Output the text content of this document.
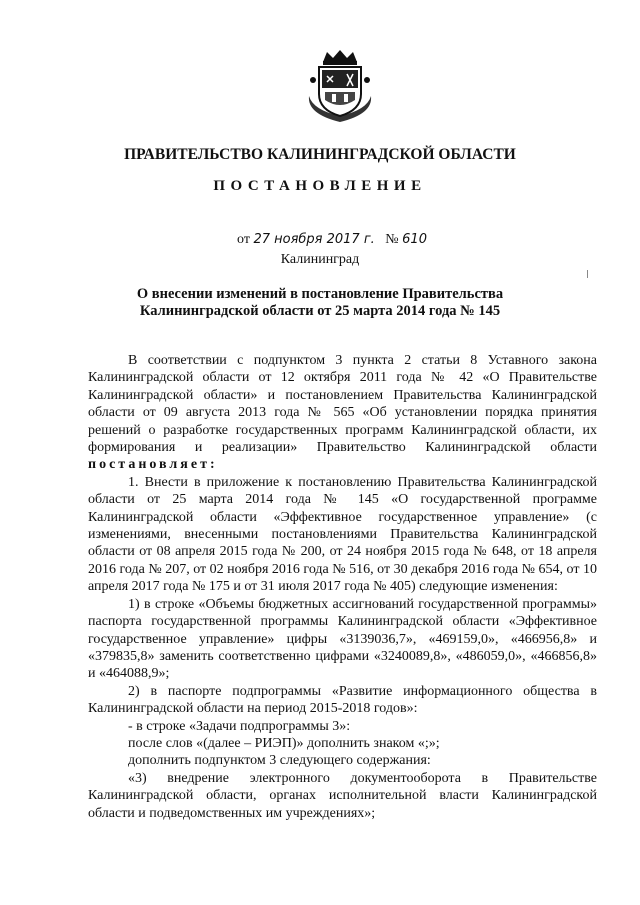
ПРАВИТЕЛЬСТВО КАЛИНИНГРАДСКОЙ ОБЛАСТИ
ПОСТАНОВЛЕНИЕ
от 27 ноября 2017 г. № 610
Калининград
О внесении изменений в постановление Правительства
Калининградской области от 25 марта 2014 года № 145

В соответствии с подпунктом 3 пункта 2 статьи 8 Уставного закона Калининградской области от 12 октября 2011 года № 42 «О Правительстве Калининградской области» и постановлением Правительства Калининградской области от 09 августа 2013 года № 565 «Об установлении порядка принятия решений о разработке государственных программ Калининградской области, их формирования и реализации» Правительство Калининградской области постановляет:

1. Внести в приложение к постановлению Правительства Калининградской области от 25 марта 2014 года № 145 «О государственной программе Калининградской области «Эффективное государственное управление» (с изменениями, внесенными постановлениями Правительства Калининградской области от 08 апреля 2015 года № 200, от 24 ноября 2015 года № 648, от 18 апреля 2016 года № 207, от 02 ноября 2016 года № 516, от 30 декабря 2016 года № 654, от 10 апреля 2017 года № 175 и от 31 июля 2017 года № 405) следующие изменения:

1) в строке «Объемы бюджетных ассигнований государственной программы» паспорта государственной программы Калининградской области «Эффективное государственное управление» цифры «3139036,7», «469159,0», «466956,8» и «379835,8» заменить соответственно цифрами «3240089,8», «486059,0», «466856,8» и «464088,9»;

2) в паспорте подпрограммы «Развитие информационного общества в Калининградской области на период 2015-2018 годов»:

- в строке «Задачи подпрограммы 3»:

после слов «(далее – РИЭП)» дополнить знаком «;»;

дополнить подпунктом 3 следующего содержания:

«3) внедрение электронного документооборота в Правительстве Калининградской области, органах исполнительной власти Калининградской области и подведомственных им учреждениях»;
